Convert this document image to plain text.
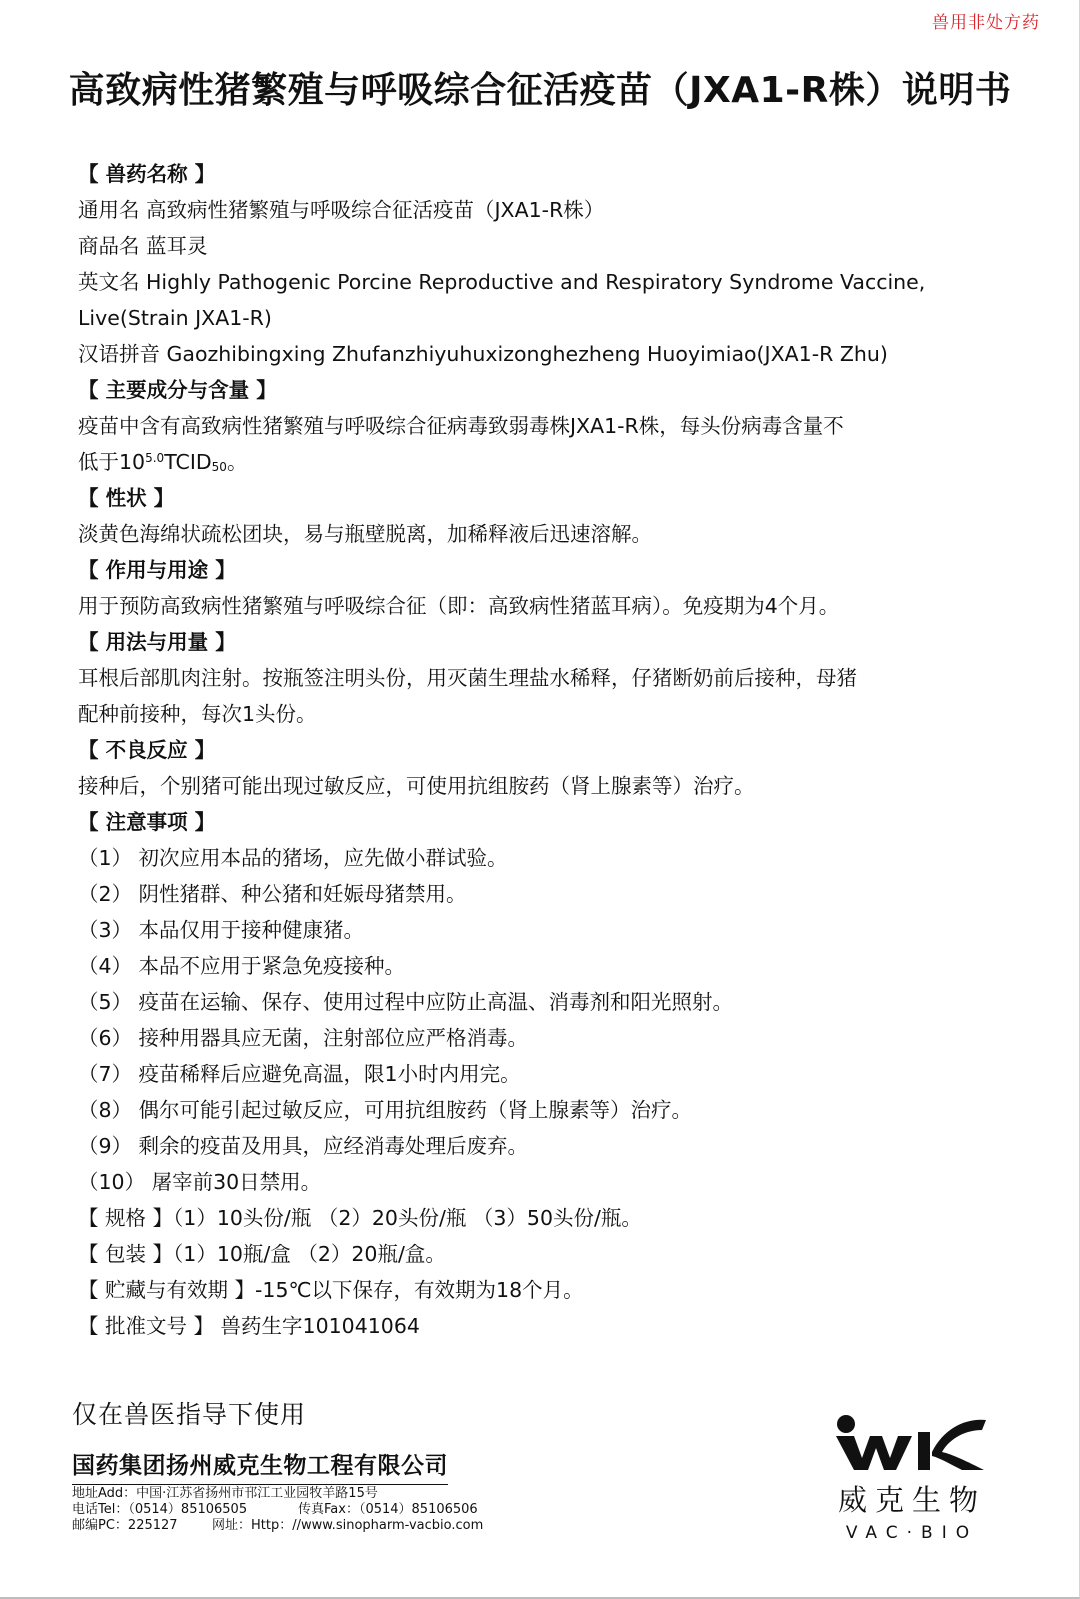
兽用非处方药
高致病性猪繁殖与呼吸综合征活疫苗（JXA1-R株）说明书
【 兽药名称 】
通用名 高致病性猪繁殖与呼吸综合征活疫苗（JXA1-R株）
商品名 蓝耳灵
英文名 Highly Pathogenic Porcine Reproductive and Respiratory Syndrome Vaccine,
Live(Strain JXA1-R)
汉语拼音 Gaozhibingxing Zhufanzhiyuhuxizonghezheng Huoyimiao(JXA1-R Zhu)
【 主要成分与含量 】
疫苗中含有高致病性猪繁殖与呼吸综合征病毒致弱毒株JXA1-R株，每头份病毒含量不
低于$10^{5.0}TCID_{50}$。
【 性状 】
淡黄色海绵状疏松团块，易与瓶壁脱离，加稀释液后迅速溶解。
【 作用与用途 】
用于预防高致病性猪繁殖与呼吸综合征（即：高致病性猪蓝耳病）。免疫期为4个月。
【 用法与用量 】
耳根后部肌肉注射。按瓶签注明头份，用灭菌生理盐水稀释，仔猪断奶前后接种，母猪
配种前接种，每次1头份。
【 不良反应 】
接种后，个别猪可能出现过敏反应，可使用抗组胺药（肾上腺素等）治疗。
【 注意事项 】
（1） 初次应用本品的猪场，应先做小群试验。
（2） 阴性猪群、种公猪和妊娠母猪禁用。
（3） 本品仅用于接种健康猪。
（4） 本品不应用于紧急免疫接种。
（5） 疫苗在运输、保存、使用过程中应防止高温、消毒剂和阳光照射。
（6） 接种用器具应无菌，注射部位应严格消毒。
（7） 疫苗稀释后应避免高温，限1小时内用完。
（8） 偶尔可能引起过敏反应，可用抗组胺药（肾上腺素等）治疗。
（9） 剩余的疫苗及用具，应经消毒处理后废弃。
（10） 屠宰前30日禁用。
【 规格 】（1）10头份/瓶 （2）20头份/瓶 （3）50头份/瓶。
【 包装 】（1）10瓶/盒 （2）20瓶/盒。
【 贮藏与有效期 】-15℃以下保存，有效期为18个月。
【 批准文号 】 兽药生字101041064
仅在兽医指导下使用
国药集团扬州威克生物工程有限公司
地址Add：中国·江苏省扬州市邗江工业园牧羊路15号
电话Tel：（0514）85106505	传真Fax：（0514）85106506
邮编PC：225127	网址：Http：//www.sinopharm-vacbio.com
威克生物
VAC·BIO
